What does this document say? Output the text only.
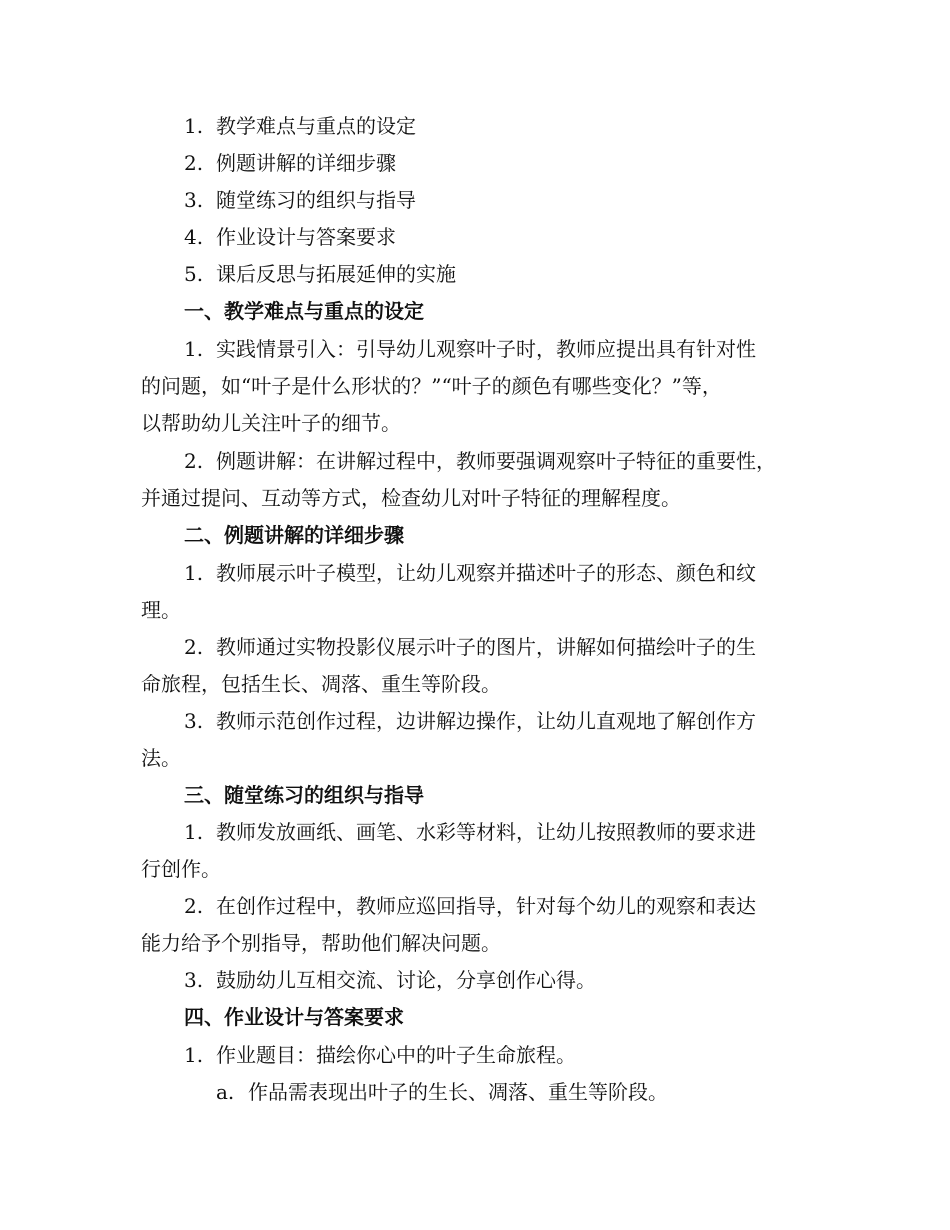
1. 教学难点与重点的设定
2. 例题讲解的详细步骤
3. 随堂练习的组织与指导
4. 作业设计与答案要求
5. 课后反思与拓展延伸的实施
一、教学难点与重点的设定
1. 实践情景引入：引导幼儿观察叶子时，教师应提出具有针对性
的问题，如“叶子是什么形状的？”“叶子的颜色有哪些变化？”等，
以帮助幼儿关注叶子的细节。
2. 例题讲解：在讲解过程中，教师要强调观察叶子特征的重要性，
并通过提问、互动等方式，检查幼儿对叶子特征的理解程度。
二、例题讲解的详细步骤
1. 教师展示叶子模型，让幼儿观察并描述叶子的形态、颜色和纹
理。
2. 教师通过实物投影仪展示叶子的图片，讲解如何描绘叶子的生
命旅程，包括生长、凋落、重生等阶段。
3. 教师示范创作过程，边讲解边操作，让幼儿直观地了解创作方
法。
三、随堂练习的组织与指导
1. 教师发放画纸、画笔、水彩等材料，让幼儿按照教师的要求进
行创作。
2. 在创作过程中，教师应巡回指导，针对每个幼儿的观察和表达
能力给予个别指导，帮助他们解决问题。
3. 鼓励幼儿互相交流、讨论，分享创作心得。
四、作业设计与答案要求
1. 作业题目：描绘你心中的叶子生命旅程。
a. 作品需表现出叶子的生长、凋落、重生等阶段。
